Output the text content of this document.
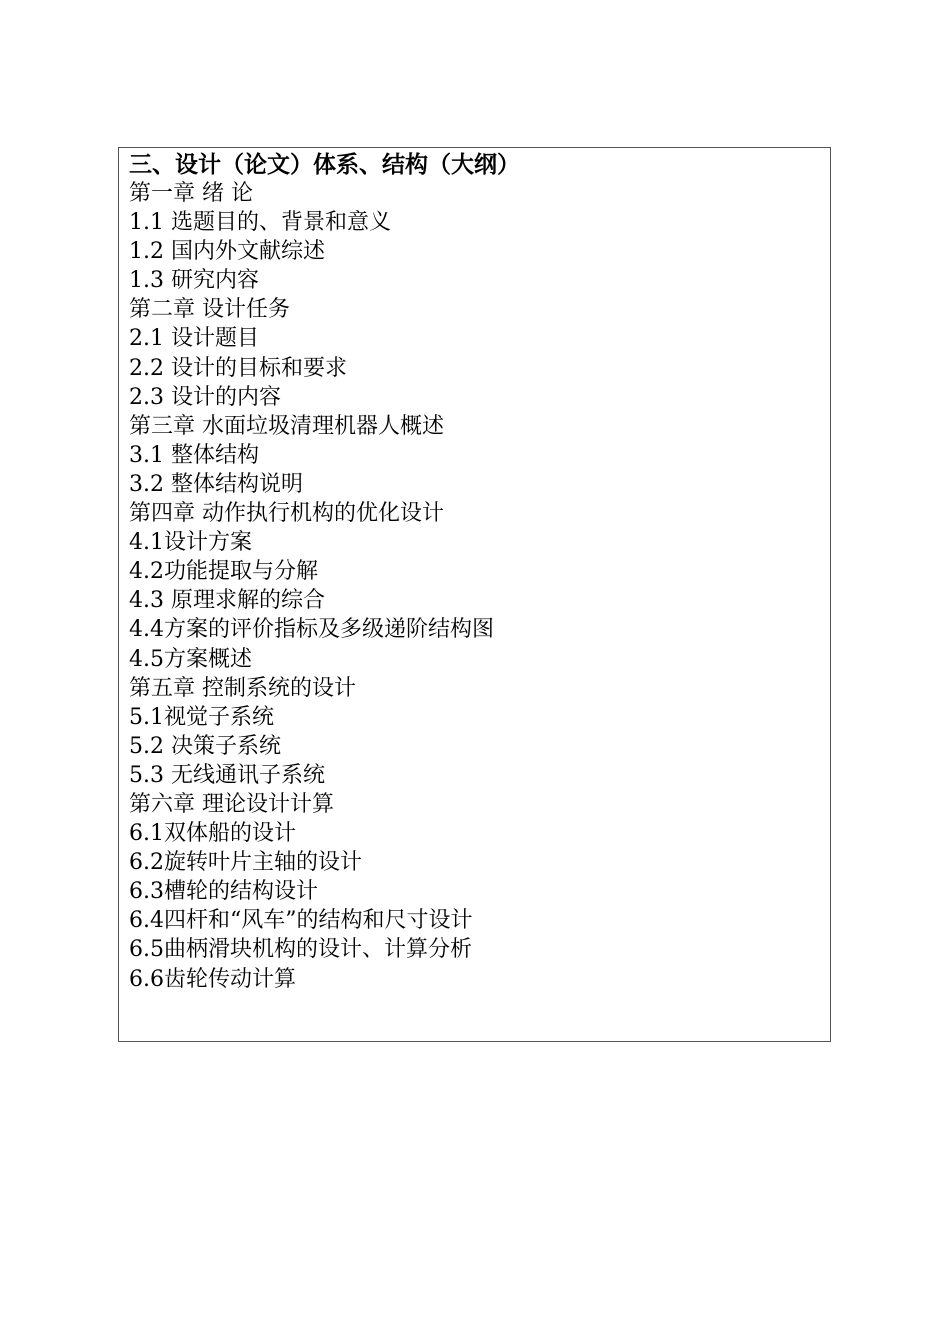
三、设计（论文）体系、结构（大纲）
第一章 绪 论
1.1 选题目的、背景和意义
1.2 国内外文献综述
1.3 研究内容
第二章 设计任务
2.1 设计题目
2.2 设计的目标和要求
2.3 设计的内容
第三章 水面垃圾清理机器人概述
3.1 整体结构
3.2 整体结构说明
第四章 动作执行机构的优化设计
4.1设计方案
4.2功能提取与分解
4.3 原理求解的综合
4.4方案的评价指标及多级递阶结构图
4.5方案概述
第五章 控制系统的设计
5.1视觉子系统
5.2 决策子系统
5.3 无线通讯子系统
第六章 理论设计计算
6.1双体船的设计
6.2旋转叶片主轴的设计
6.3槽轮的结构设计
6.4四杆和“风车”的结构和尺寸设计
6.5曲柄滑块机构的设计、计算分析
6.6齿轮传动计算
